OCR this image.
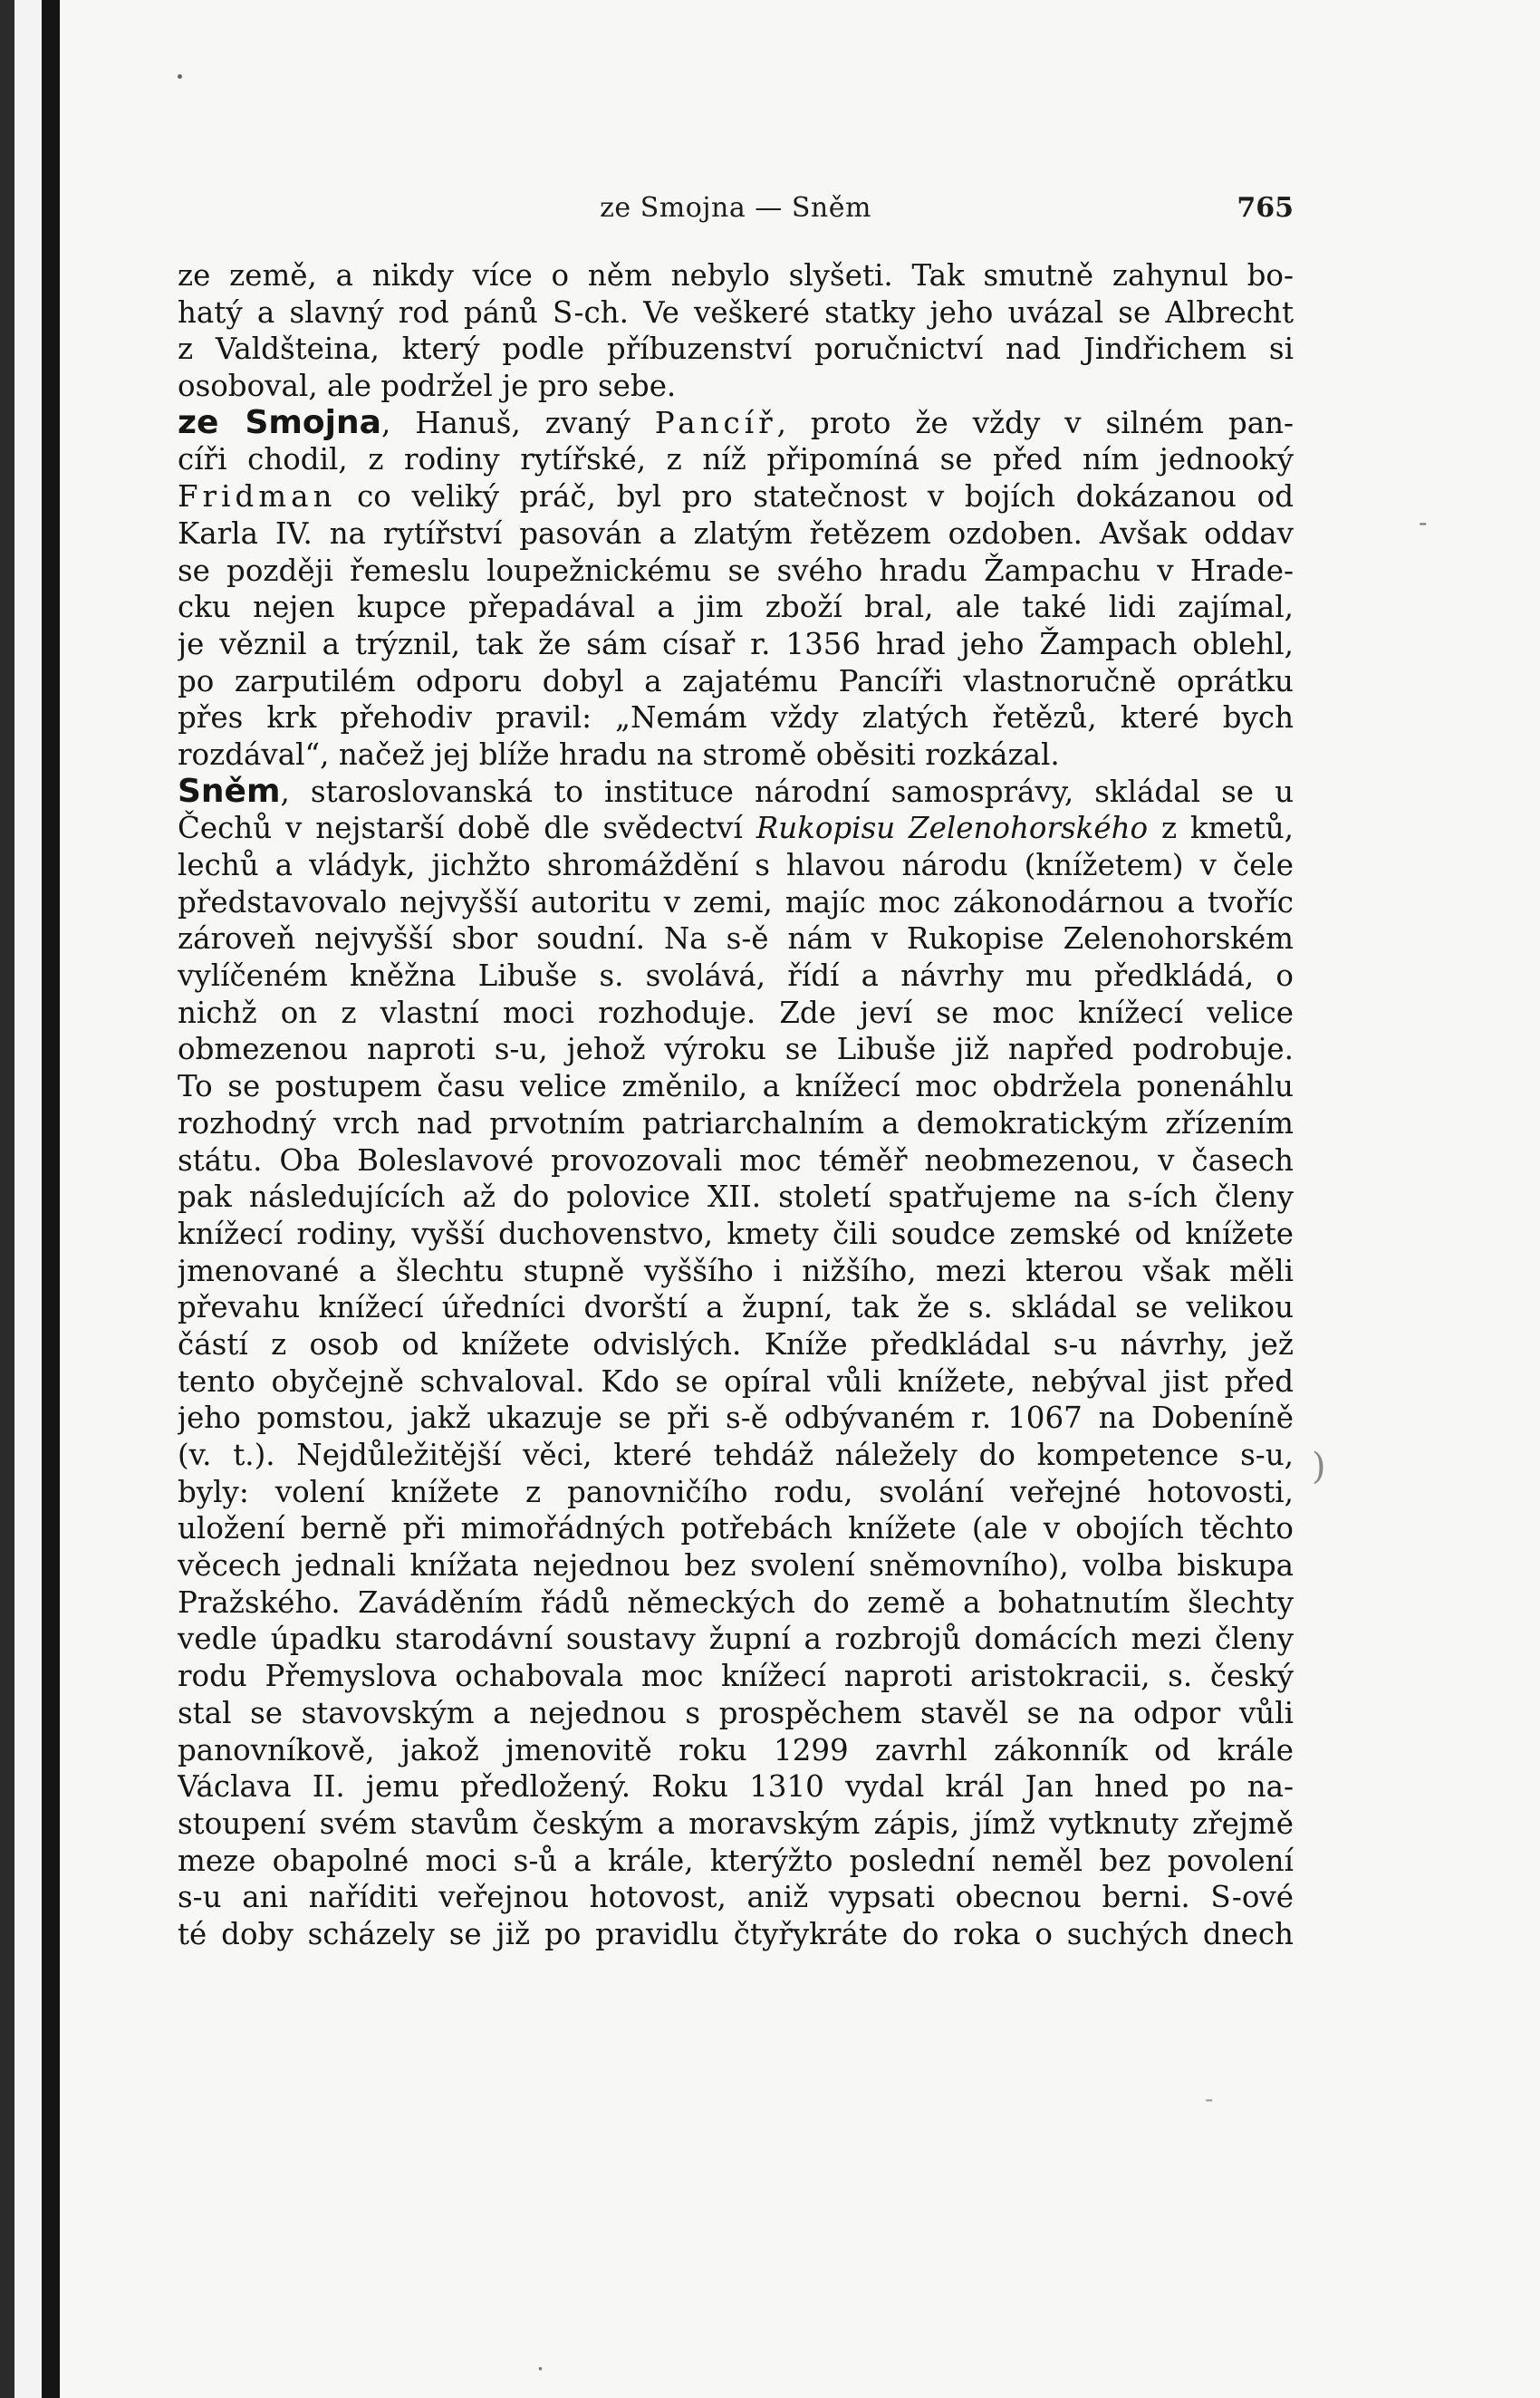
ze Smojna — Sněm	765
ze země, a nikdy více o něm nebylo slyšeti. Tak smutně zahynul bo-
hatý a slavný rod pánů S-ch. Ve veškeré statky jeho uvázal se Albrecht
z Valdšteina, který podle příbuzenství poručnictví nad Jindřichem si
osoboval, ale podržel je pro sebe.
ze Smojna, Hanuš, zvaný Pancíř, proto že vždy v silném pan-
cíři chodil, z rodiny rytířské, z níž připomíná se před ním jednooký
Fridman co veliký práč, byl pro statečnost v bojích dokázanou od
Karla IV. na rytířství pasován a zlatým řetězem ozdoben. Avšak oddav
se později řemeslu loupežnickému se svého hradu Žampachu v Hrade-
cku nejen kupce přepadával a jim zboží bral, ale také lidi zajímal,
je věznil a trýznil, tak že sám císař r. 1356 hrad jeho Žampach oblehl,
po zarputilém odporu dobyl a zajatému Pancíři vlastnoručně oprátku
přes krk přehodiv pravil: „Nemám vždy zlatých řetězů, které bych
rozdával“, načež jej blíže hradu na stromě oběsiti rozkázal.
Sněm, staroslovanská to instituce národní samosprávy, skládal se u
Čechů v nejstarší době dle svědectví Rukopisu Zelenohorského z kmetů,
lechů a vládyk, jichžto shromáždění s hlavou národu (knížetem) v čele
představovalo nejvyšší autoritu v zemi, majíc moc zákonodárnou a tvoříc
zároveň nejvyšší sbor soudní. Na s-ě nám v Rukopise Zelenohorském
vylíčeném kněžna Libuše s. svolává, řídí a návrhy mu předkládá, o
nichž on z vlastní moci rozhoduje. Zde jeví se moc knížecí velice
obmezenou naproti s-u, jehož výroku se Libuše již napřed podrobuje.
To se postupem času velice změnilo, a knížecí moc obdržela ponenáhlu
rozhodný vrch nad prvotním patriarchalním a demokratickým zřízením
státu. Oba Boleslavové provozovali moc téměř neobmezenou, v časech
pak následujících až do polovice XII. století spatřujeme na s-ích členy
knížecí rodiny, vyšší duchovenstvo, kmety čili soudce zemské od knížete
jmenované a šlechtu stupně vyššího i nižšího, mezi kterou však měli
převahu knížecí úředníci dvorští a župní, tak že s. skládal se velikou
částí z osob od knížete odvislých. Kníže předkládal s-u návrhy, jež
tento obyčejně schvaloval. Kdo se opíral vůli knížete, nebýval jist před
jeho pomstou, jakž ukazuje se při s-ě odbývaném r. 1067 na Dobeníně
(v. t.). Nejdůležitější věci, které tehdáž náležely do kompetence s-u,
byly: volení knížete z panovničího rodu, svolání veřejné hotovosti,
uložení berně při mimořádných potřebách knížete (ale v obojích těchto
věcech jednali knížata nejednou bez svolení sněmovního), volba biskupa
Pražského. Zaváděním řádů německých do země a bohatnutím šlechty
vedle úpadku starodávní soustavy župní a rozbrojů domácích mezi členy
rodu Přemyslova ochabovala moc knížecí naproti aristokracii, s. český
stal se stavovským a nejednou s prospěchem stavěl se na odpor vůli
panovníkově, jakož jmenovitě roku 1299 zavrhl zákonník od krále
Václava II. jemu předložený. Roku 1310 vydal král Jan hned po na-
stoupení svém stavům českým a moravským zápis, jímž vytknuty zřejmě
meze obapolné moci s-ů a krále, kterýžto poslední neměl bez povolení
s-u ani naříditi veřejnou hotovost, aniž vypsati obecnou berni. S-ové
té doby scházely se již po pravidlu čtyřykráte do roka o suchých dnech
-
)
-
.
